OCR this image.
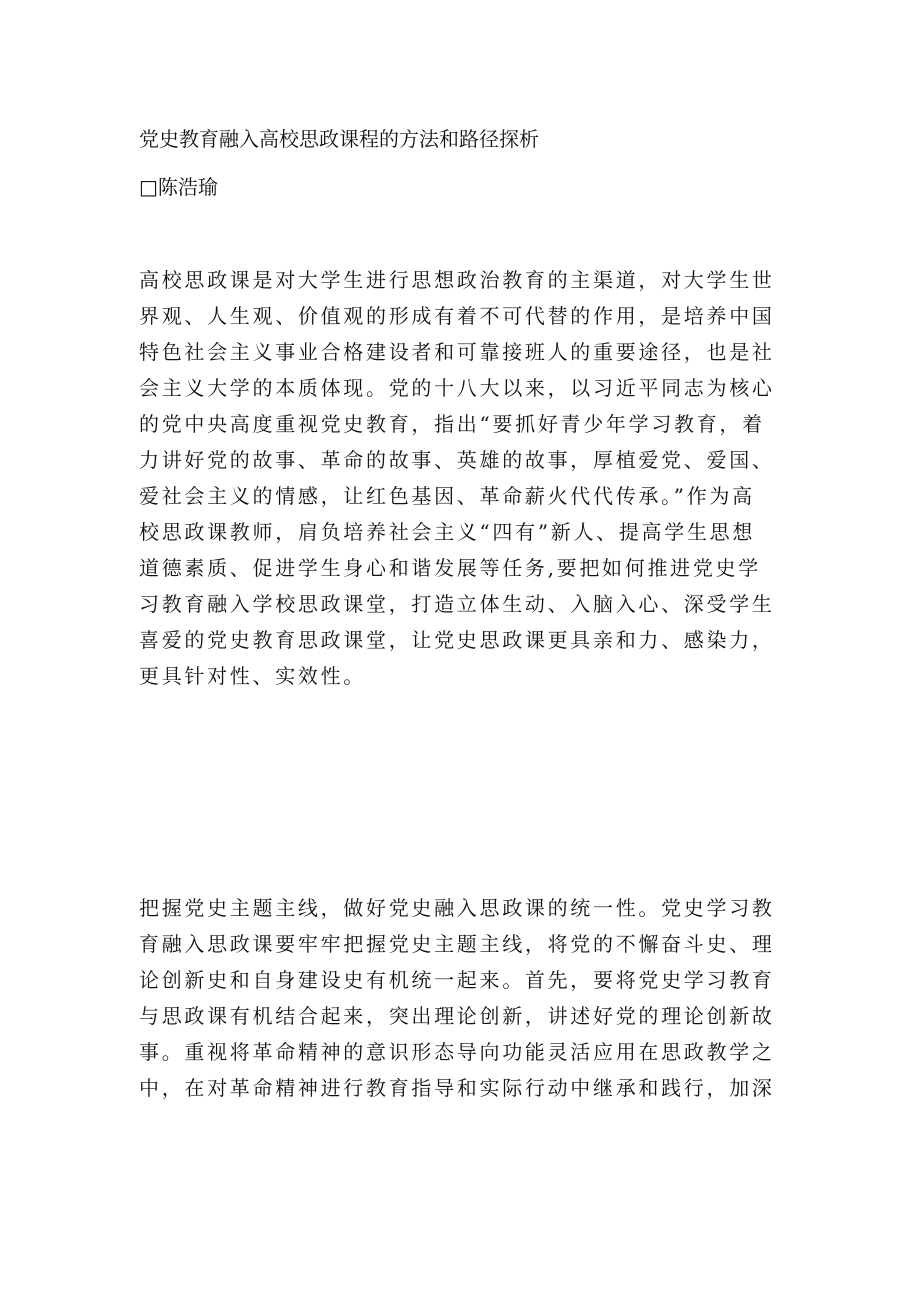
党史教育融入高校思政课程的方法和路径探析
□陈浩瑜
高校思政课是对大学生进行思想政治教育的主渠道，对大学生世
界观、人生观、价值观的形成有着不可代替的作用，是培养中国
特色社会主义事业合格建设者和可靠接班人的重要途径，也是社
会主义大学的本质体现。党的十八大以来，以习近平同志为核心
的党中央高度重视党史教育，指出“要抓好青少年学习教育，着
力讲好党的故事、革命的故事、英雄的故事，厚植爱党、爱国、
爱社会主义的情感，让红色基因、革命薪火代代传承。”作为高
校思政课教师，肩负培养社会主义“四有”新人、提高学生思想
道德素质、促进学生身心和谐发展等任务,要把如何推进党史学
习教育融入学校思政课堂，打造立体生动、入脑入心、深受学生
喜爱的党史教育思政课堂，让党史思政课更具亲和力、感染力，
更具针对性、实效性。
把握党史主题主线，做好党史融入思政课的统一性。党史学习教
育融入思政课要牢牢把握党史主题主线，将党的不懈奋斗史、理
论创新史和自身建设史有机统一起来。首先，要将党史学习教育
与思政课有机结合起来，突出理论创新，讲述好党的理论创新故
事。重视将革命精神的意识形态导向功能灵活应用在思政教学之
中，在对革命精神进行教育指导和实际行动中继承和践行，加深
